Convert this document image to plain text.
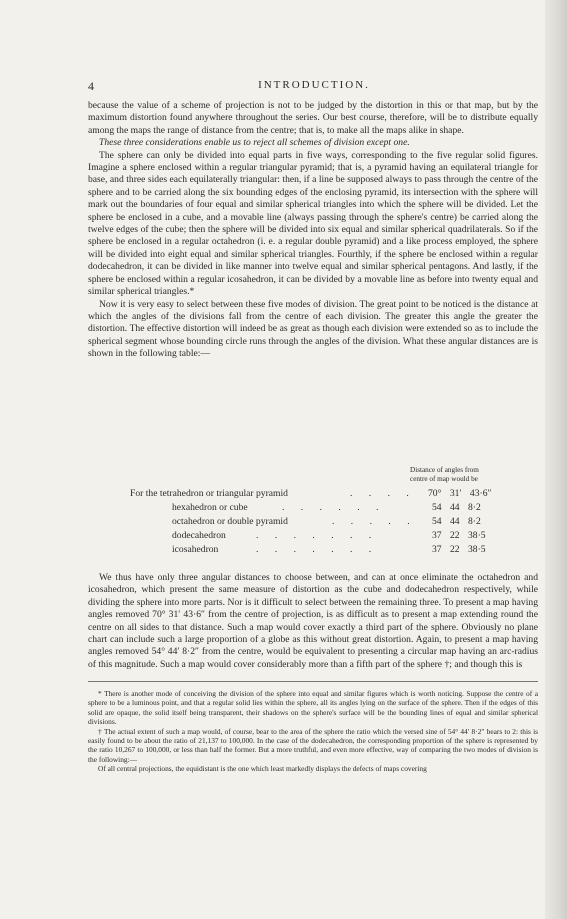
4	INTRODUCTION.

because the value of a scheme of projection is not to be judged by the distortion in this or that map, but by the maximum distortion found anywhere throughout the series. Our best course, therefore, will be to distribute equally among the maps the range of distance from the centre; that is, to make all the maps alike in shape.

These three considerations enable us to reject all schemes of division except one.

The sphere can only be divided into equal parts in five ways, corresponding to the five regular solid figures. Imagine a sphere enclosed within a regular triangular pyramid; that is, a pyramid having an equilateral triangle for base, and three sides each equilaterally triangular: then, if a line be supposed always to pass through the centre of the sphere and to be carried along the six bounding edges of the enclosing pyramid, its intersection with the sphere will mark out the boundaries of four equal and similar spherical triangles into which the sphere will be divided. Let the sphere be enclosed in a cube, and a movable line (always passing through the sphere's centre) be carried along the twelve edges of the cube; then the sphere will be divided into six equal and similar spherical quadrilaterals. So if the sphere be enclosed in a regular octahedron (i. e. a regular double pyramid) and a like process employed, the sphere will be divided into eight equal and similar spherical triangles. Fourthly, if the sphere be enclosed within a regular dodecahedron, it can be divided in like manner into twelve equal and similar spherical pentagons. And lastly, if the sphere be enclosed within a regular icosahedron, it can be divided by a movable line as before into twenty equal and similar spherical triangles.*

Now it is very easy to select between these five modes of division. The great point to be noticed is the distance at which the angles of the divisions fall from the centre of each division. The greater this angle the greater the distortion. The effective distortion will indeed be as great as though each division were extended so as to include the spherical segment whose bounding circle runs through the angles of the division. What these angular distances are is shown in the following table:—

Distance of angles from
centre of map would be
For the tetrahedron or triangular pyramid	. . . . 70° 31′ 43·6″
hexahedron or cube	. . . . . .	54 44 8·2
octahedron or double pyramid	. . . . . 54 44 8·2
dodecahedron	. . . . . . .	37 22 38·5
icosahedron	. . . . . . .	37 22 38·5
We thus have only three angular distances to choose between, and can at once eliminate the octahedron and icosahedron, which present the same measure of distortion as the cube and dodecahedron respectively, while dividing the sphere into more parts. Nor is it difficult to select between the remaining three. To present a map having angles removed 70° 31′ 43·6″ from the centre of projection, is as difficult as to present a map extending round the centre on all sides to that distance. Such a map would cover exactly a third part of the sphere. Obviously no plane chart can include such a large proportion of a globe as this without great distortion. Again, to present a map having angles removed 54° 44′ 8·2″ from the centre, would be equivalent to presenting a circular map having an arc-radius of this magnitude. Such a map would cover considerably more than a fifth part of the sphere †; and though this is

* There is another mode of conceiving the division of the sphere into equal and similar figures which is worth noticing. Suppose the centre of a sphere to be a luminous point, and that a regular solid lies within the sphere, all its angles lying on the surface of the sphere. Then if the edges of this solid are opaque, the solid itself being transparent, their shadows on the sphere's surface will be the bounding lines of equal and similar spherical divisions.

† The actual extent of such a map would, of course, bear to the area of the sphere the ratio which the versed sine of 54° 44′ 8·2″ bears to 2: this is easily found to be about the ratio of 21,137 to 100,000. In the case of the dodecahedron, the corresponding proportion of the sphere is represented by the ratio 10,267 to 100,000, or less than half the former. But a more truthful, and even more effective, way of comparing the two modes of division is the following:—

Of all central projections, the equidistant is the one which least markedly displays the defects of maps covering
